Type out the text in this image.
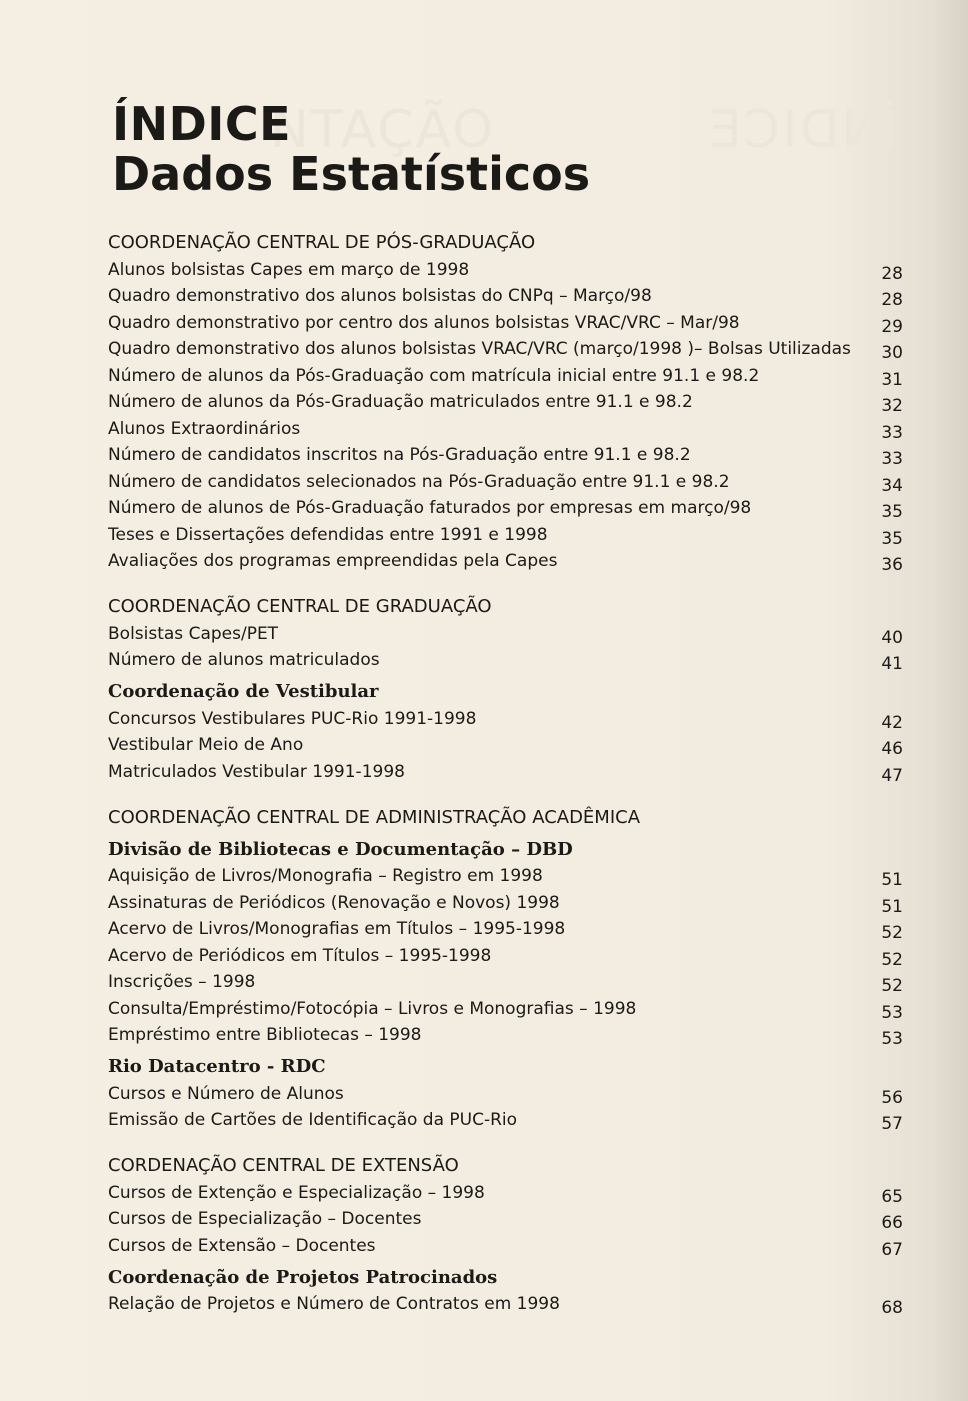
NTAÇÃO	ÍNDICE
ÍNDICE
Dados Estatísticos
COORDENAÇÃO CENTRAL DE PÓS-GRADUAÇÃO
Alunos bolsistas Capes em março de 1998	28
Quadro demonstrativo dos alunos bolsistas do CNPq – Março/98	28
Quadro demonstrativo por centro dos alunos bolsistas VRAC/VRC – Mar/98	29
Quadro demonstrativo dos alunos bolsistas VRAC/VRC (março/1998 )– Bolsas Utilizadas	30
Número de alunos da Pós-Graduação com matrícula inicial entre 91.1 e 98.2	31
Número de alunos da Pós-Graduação matriculados entre 91.1 e 98.2	32
Alunos Extraordinários	33
Número de candidatos inscritos na Pós-Graduação entre 91.1 e 98.2	33
Número de candidatos selecionados na Pós-Graduação entre 91.1 e 98.2	34
Número de alunos de Pós-Graduação faturados por empresas em março/98	35
Teses e Dissertações defendidas entre 1991 e 1998	35
Avaliações dos programas empreendidas pela Capes	36
COORDENAÇÃO CENTRAL DE GRADUAÇÃO
Bolsistas Capes/PET	40
Número de alunos matriculados	41
Coordenação de Vestibular
Concursos Vestibulares PUC-Rio 1991-1998	42
Vestibular Meio de Ano	46
Matriculados Vestibular 1991-1998	47
COORDENAÇÃO CENTRAL DE ADMINISTRAÇÃO ACADÊMICA
Divisão de Bibliotecas e Documentação – DBD
Aquisição de Livros/Monografia – Registro em 1998	51
Assinaturas de Periódicos (Renovação e Novos) 1998	51
Acervo de Livros/Monografias em Títulos – 1995-1998	52
Acervo de Periódicos em Títulos – 1995-1998	52
Inscrições – 1998	52
Consulta/Empréstimo/Fotocópia – Livros e Monografias – 1998	53
Empréstimo entre Bibliotecas – 1998	53
Rio Datacentro - RDC
Cursos e Número de Alunos	56
Emissão de Cartões de Identificação da PUC-Rio	57
CORDENAÇÃO CENTRAL DE EXTENSÃO
Cursos de Extenção e Especialização – 1998	65
Cursos de Especialização – Docentes	66
Cursos de Extensão – Docentes	67
Coordenação de Projetos Patrocinados
Relação de Projetos e Número de Contratos em 1998	68
